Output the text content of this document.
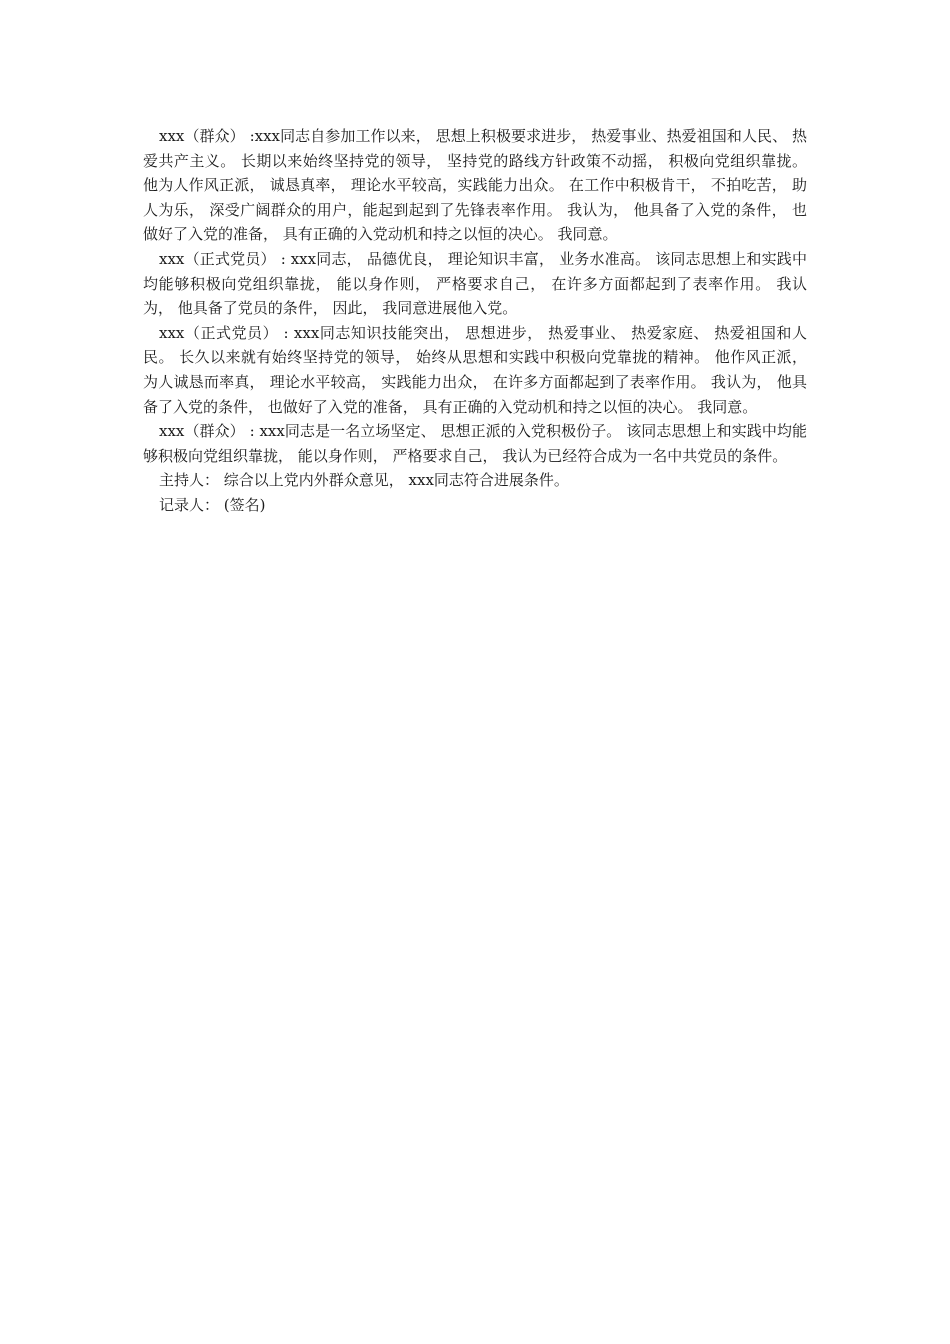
xxx（群众） :xxx同志自参加工作以来， 思想上积极要求进步， 热爱事业、热爱祖国和人民、 热爱共产主义。 长期以来始终坚持党的领导， 坚持党的路线方针政策不动摇， 积极向党组织靠拢。 他为人作风正派， 诚恳真率， 理论水平较高，实践能力出众。 在工作中积极肯干， 不拍吃苦， 助人为乐， 深受广阔群众的用户，能起到起到了先锋表率作用。 我认为， 他具备了入党的条件， 也做好了入党的准备， 具有正确的入党动机和持之以恒的决心。 我同意。

xxx（正式党员） : xxx同志， 品德优良， 理论知识丰富， 业务水准高。 该同志思想上和实践中均能够积极向党组织靠拢， 能以身作则， 严格要求自己， 在许多方面都起到了表率作用。 我认为， 他具备了党员的条件， 因此， 我同意进展他入党。

xxx（正式党员） : xxx同志知识技能突出， 思想进步， 热爱事业、 热爱家庭、 热爱祖国和人民。 长久以来就有始终坚持党的领导， 始终从思想和实践中积极向党靠拢的精神。 他作风正派， 为人诚恳而率真， 理论水平较高， 实践能力出众， 在许多方面都起到了表率作用。 我认为， 他具备了入党的条件， 也做好了入党的准备， 具有正确的入党动机和持之以恒的决心。 我同意。

xxx（群众） : xxx同志是一名立场坚定、 思想正派的入党积极份子。 该同志思想上和实践中均能够积极向党组织靠拢， 能以身作则， 严格要求自己， 我认为已经符合成为一名中共党员的条件。

主持人： 综合以上党内外群众意见， xxx同志符合进展条件。

记录人： (签名)
